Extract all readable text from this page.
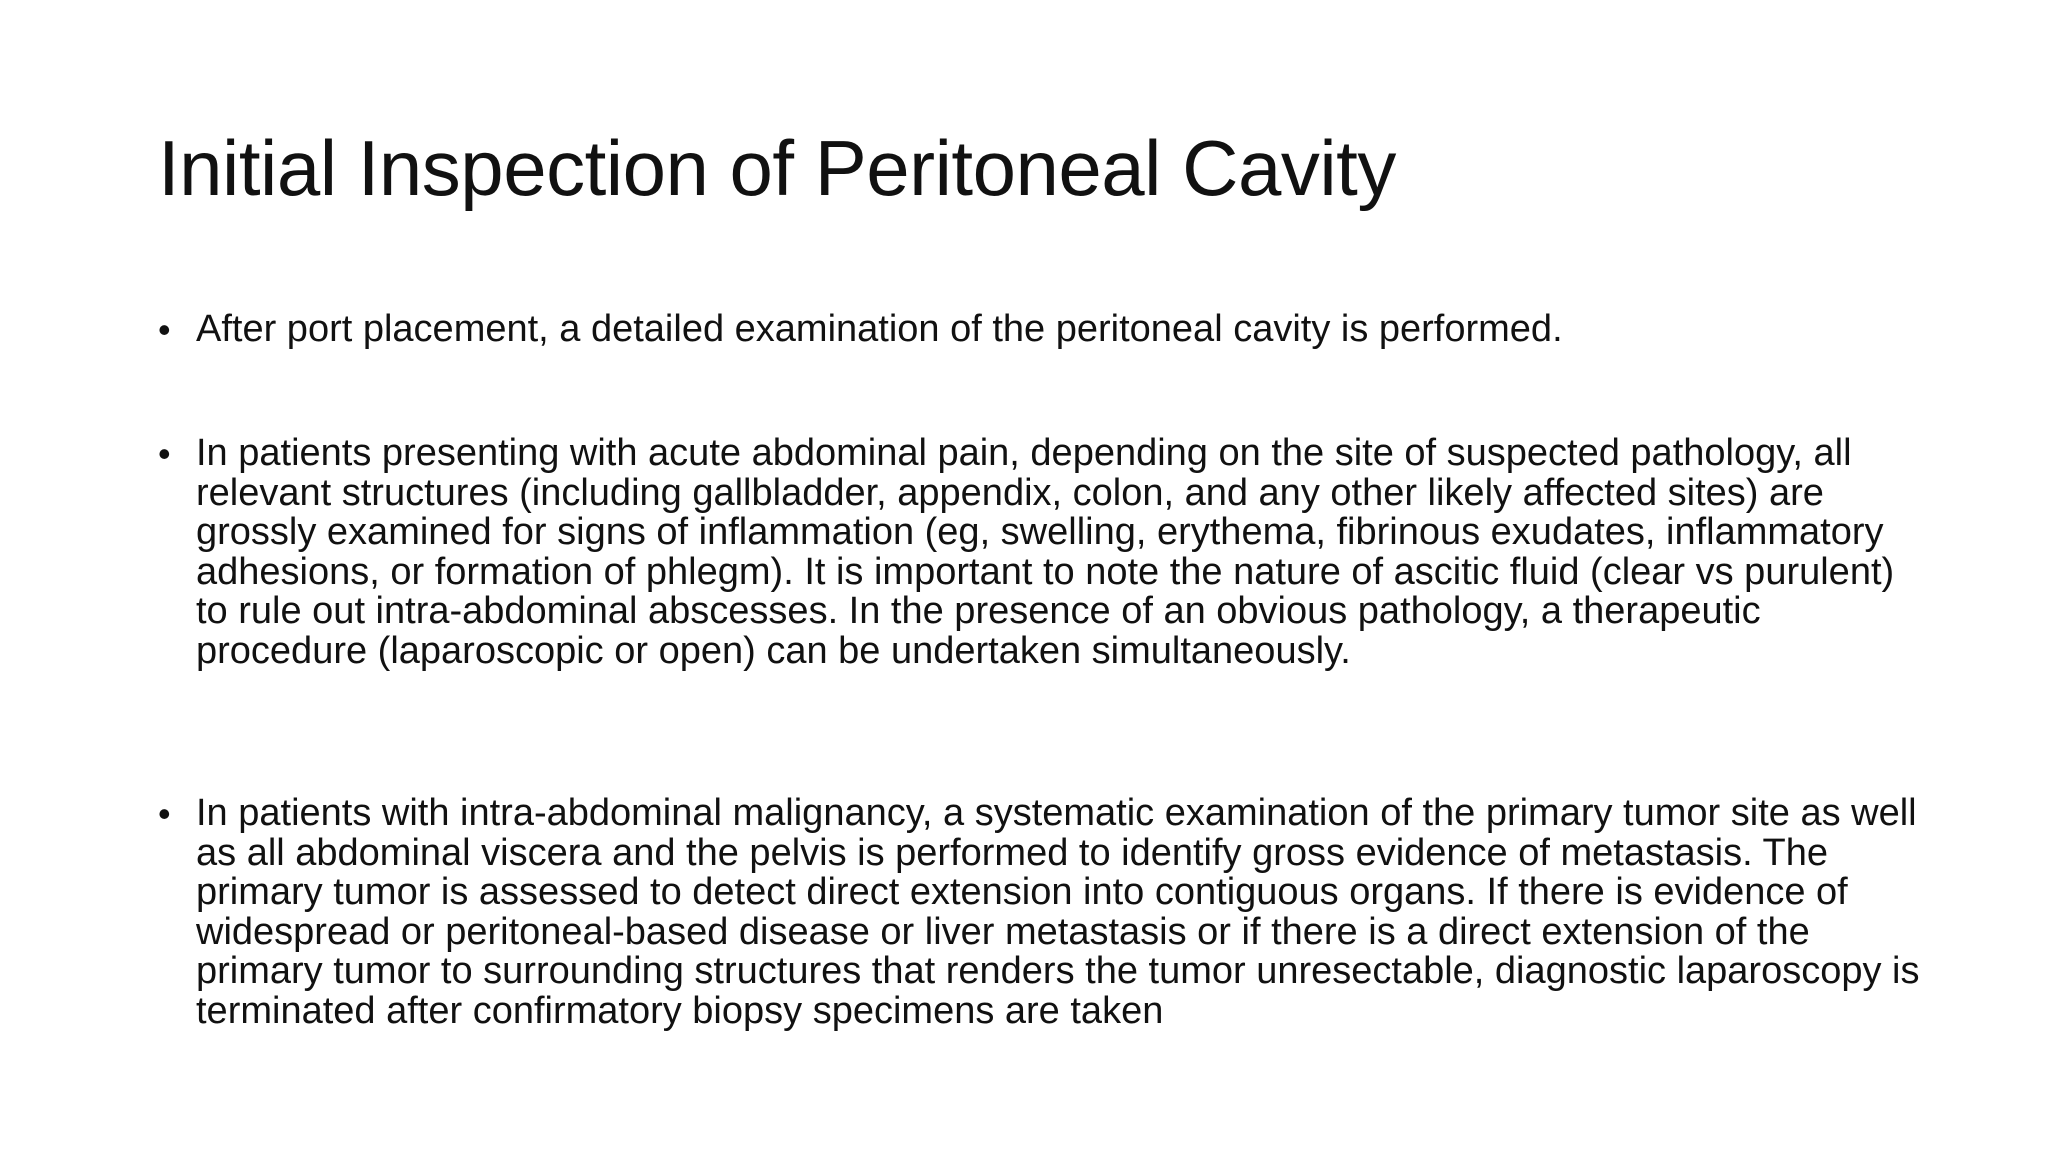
Initial Inspection of Peritoneal Cavity
• After port placement, a detailed examination of the peritoneal cavity is performed.

• In patients presenting with acute abdominal pain, depending on the site of suspected pathology, all relevant structures (including gallbladder, appendix, colon, and any other likely affected sites) are grossly examined for signs of inflammation (eg, swelling, erythema, fibrinous exudates, inflammatory adhesions, or formation of phlegm). It is important to note the nature of ascitic fluid (clear vs purulent) to rule out intra-abdominal abscesses. In the presence of an obvious pathology, a therapeutic procedure (laparoscopic or open) can be undertaken simultaneously.

• In patients with intra-abdominal malignancy, a systematic examination of the primary tumor site as well as all abdominal viscera and the pelvis is performed to identify gross evidence of metastasis. The primary tumor is assessed to detect direct extension into contiguous organs. If there is evidence of widespread or peritoneal-based disease or liver metastasis or if there is a direct extension of the primary tumor to surrounding structures that renders the tumor unresectable, diagnostic laparoscopy is terminated after confirmatory biopsy specimens are taken
